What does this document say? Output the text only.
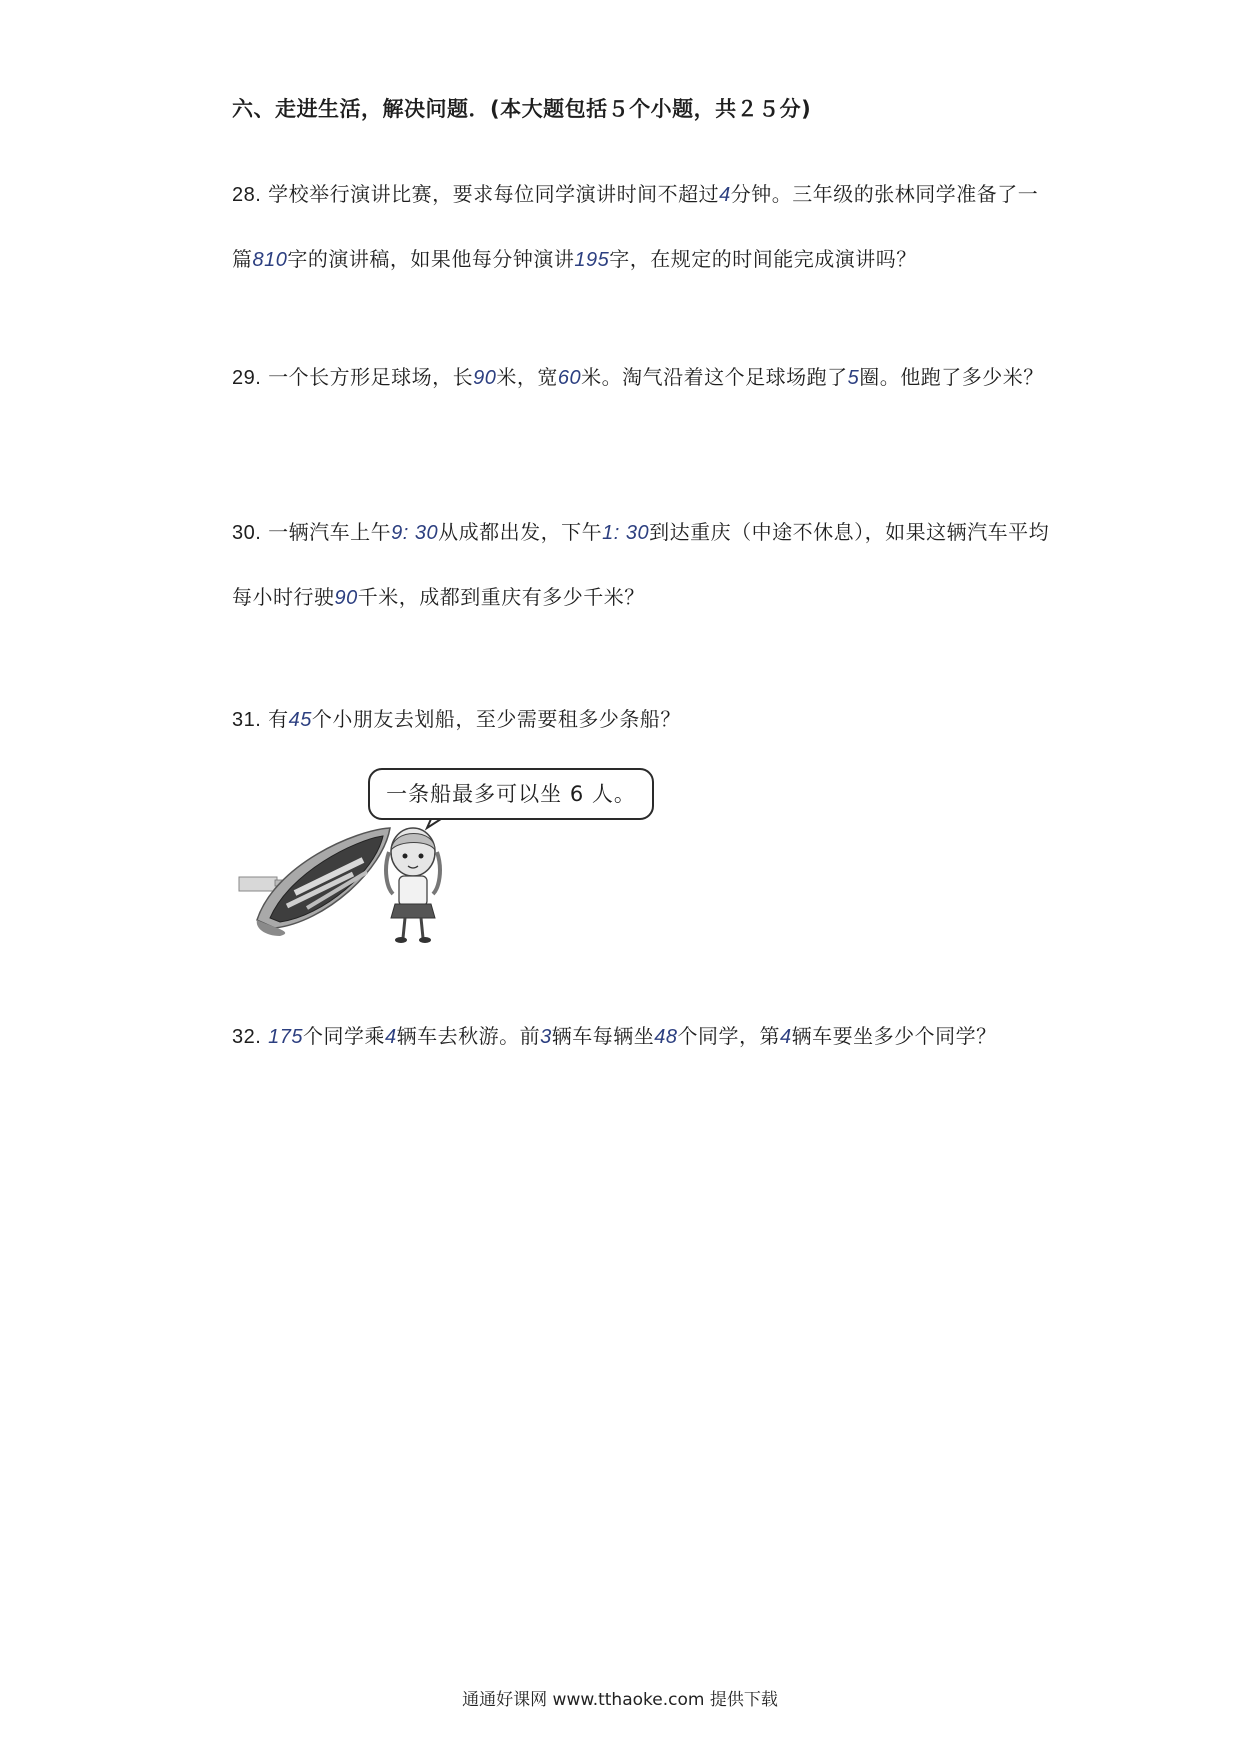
六、走进生活，解决问题．(本大题包括５个小题，共２５分)
28. 学校举行演讲比赛，要求每位同学演讲时间不超过4分钟。三年级的张林同学准备了一篇810字的演讲稿，如果他每分钟演讲195字，在规定的时间能完成演讲吗？
29. 一个长方形足球场，长90米，宽60米。淘气沿着这个足球场跑了5圈。他跑了多少米？
30. 一辆汽车上午9: 30从成都出发，下午1: 30到达重庆（中途不休息），如果这辆汽车平均每小时行驶90千米，成都到重庆有多少千米？
31. 有45个小朋友去划船，至少需要租多少条船？
一条船最多可以坐 6 人。
32. 175个同学乘4辆车去秋游。前3辆车每辆坐48个同学，第4辆车要坐多少个同学？
通通好课网 www.tthaoke.com 提供下载
